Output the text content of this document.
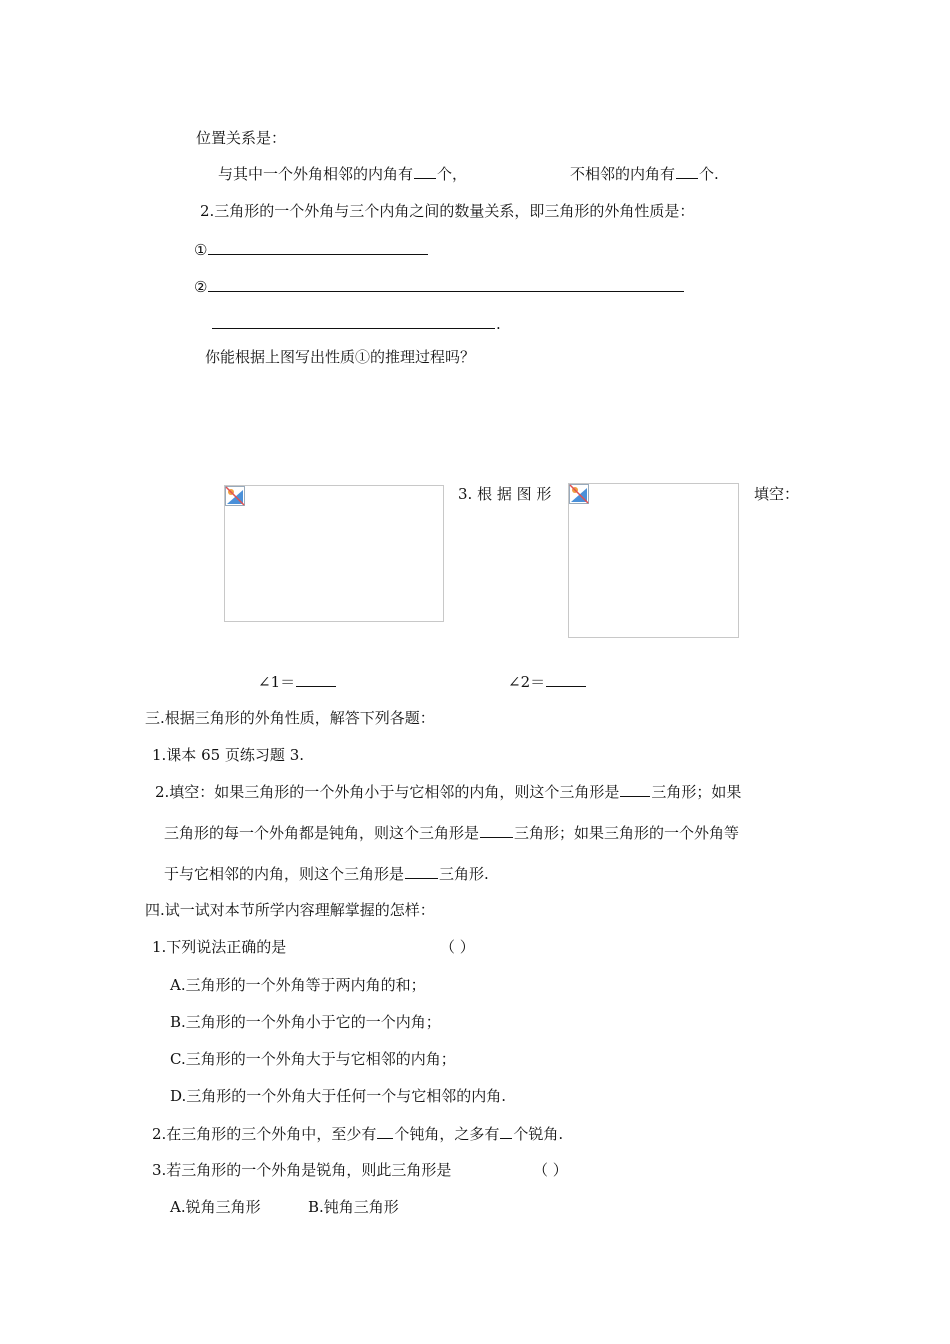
位置关系是：
与其中一个外角相邻的内角有 个，	不相邻的内角有 个.
2.三角形的一个外角与三个内角之间的数量关系，即三角形的外角性质是：
①
②
.
你能根据上图写出性质①的推理过程吗？
3. 根 据 图 形	填空：
∠1＝	∠2＝
三.根据三角形的外角性质，解答下列各题：
1.课本 65 页练习题 3.
2.填空：如果三角形的一个外角小于与它相邻的内角，则这个三角形是 三角形；如果
三角形的每一个外角都是钝角，则这个三角形是 三角形；如果三角形的一个外角等
于与它相邻的内角，则这个三角形是 三角形.
四.试一试对本节所学内容理解掌握的怎样：
1.下列说法正确的是	（ ）
A.三角形的一个外角等于两内角的和；
B.三角形的一个外角小于它的一个内角；
C.三角形的一个外角大于与它相邻的内角；
D.三角形的一个外角大于任何一个与它相邻的内角.
2.在三角形的三个外角中，至少有 个钝角，之多有 个锐角.
3.若三角形的一个外角是锐角，则此三角形是	（ ）
A.锐角三角形	B.钝角三角形
